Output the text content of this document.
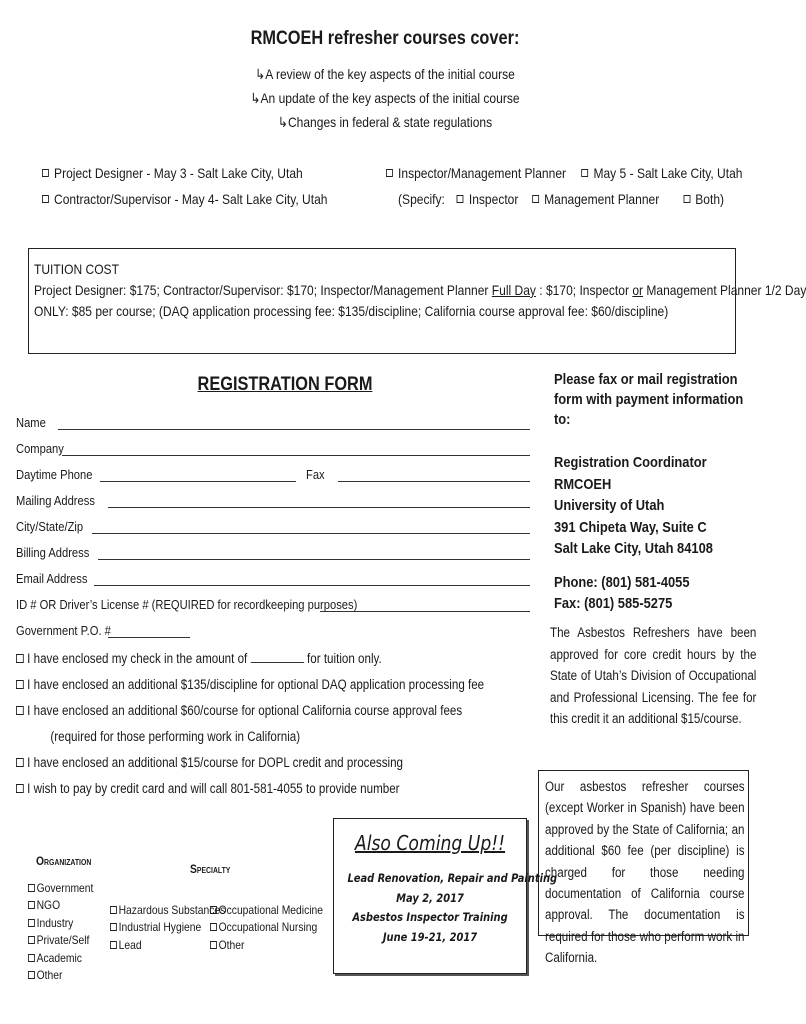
RMCOEH refresher courses cover:
↳A review of the key aspects of the initial course
↳An update of the key aspects of the initial course
↳Changes in federal & state regulations
Project Designer - May 3 - Salt Lake City, Utah
Contractor/Supervisor - May 4- Salt Lake City, Utah
Inspector/Management Planner May 5 - Salt Lake City, Utah
(Specify: Inspector Management Planner	Both)
TUITION COST
Project Designer: $175; Contractor/Supervisor: $170; Inspector/Management Planner Full Day : $170; Inspector or Management Planner 1/2 Day
ONLY: $85 per course; (DAQ application processing fee: $135/discipline; California course approval fee: $60/discipline)
REGISTRATION FORM
Name
Company
Daytime Phone	Fax
Mailing Address
City/State/Zip
Billing Address
Email Address
ID # OR Driver’s License # (REQUIRED for recordkeeping purposes)
Government P.O. #
I have enclosed my check in the amount of	for tuition only.
I have enclosed an additional $135/discipline for optional DAQ application processing fee
I have enclosed an additional $60/course for optional California course approval fees
(required for those performing work in California)
I have enclosed an additional $15/course for DOPL credit and processing
I wish to pay by credit card and will call 801-581-4055 to provide number
Please fax or mail registration form with payment information to:
Registration Coordinator
RMCOEH
University of Utah
391 Chipeta Way, Suite C
Salt Lake City, Utah 84108
Phone: (801) 581-4055
Fax: (801) 585-5275
The Asbestos Refreshers have been approved for core credit hours by the State of Utah’s Division of Occupational and Professional Licensing. The fee for this credit it an additional $15/course.
Our asbestos refresher courses (except Worker in Spanish) have been approved by the State of California; an additional $60 fee (per discipline) is charged for those needing documentation of California course approval. The documentation is required for those who perform work in California.
Organization
Government
NGO
Industry
Private/Self
Academic
Other
Specialty
Hazardous Substances
Industrial Hygiene
Lead
Occupational Medicine
Occupational Nursing
Other
Also Coming Up!!
Lead Renovation, Repair and Painting
May 2, 2017
Asbestos Inspector Training
June 19-21, 2017
